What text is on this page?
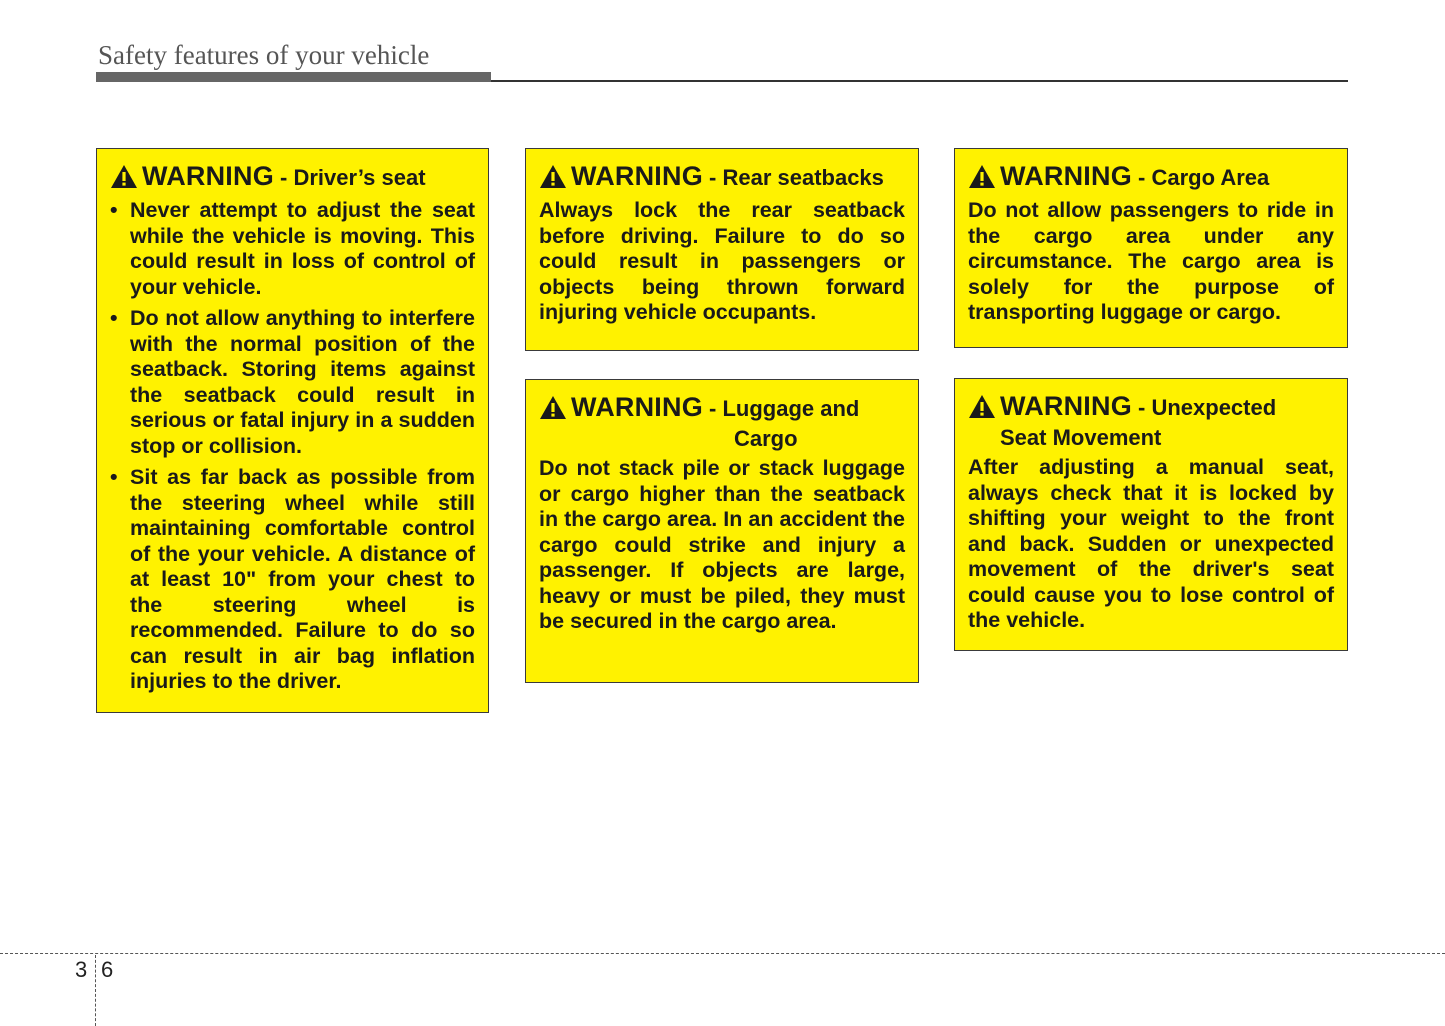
Safety features of your vehicle
WARNING - Driver’s seat
• Never attempt to adjust the seat while the vehicle is moving. This could result in loss of control of your vehicle.
• Do not allow anything to interfere with the normal position of the seatback. Storing items against the seatback could result in serious or fatal injury in a sudden stop or collision.
• Sit as far back as possible from the steering wheel while still maintaining comfortable control of the your vehicle. A distance of at least 10" from your chest to the steering wheel is recommended. Failure to do so can result in air bag inflation injuries to the driver.
WARNING - Rear seatbacks
Always lock the rear seatback before driving. Failure to do so could result in passengers or objects being thrown forward injuring vehicle occupants.
WARNING - Luggage and
Cargo
Do not stack pile or stack luggage or cargo higher than the seatback in the cargo area. In an accident the cargo could strike and injury a passenger. If objects are large, heavy or must be piled, they must be secured in the cargo area.
WARNING - Cargo Area
Do not allow passengers to ride in the cargo area under any circumstance. The cargo area is solely for the purpose of transporting luggage or cargo.
WARNING - Unexpected
Seat Movement
After adjusting a manual seat, always check that it is locked by shifting your weight to the front and back. Sudden or unexpected movement of the driver's seat could cause you to lose control of the vehicle.
3 6
